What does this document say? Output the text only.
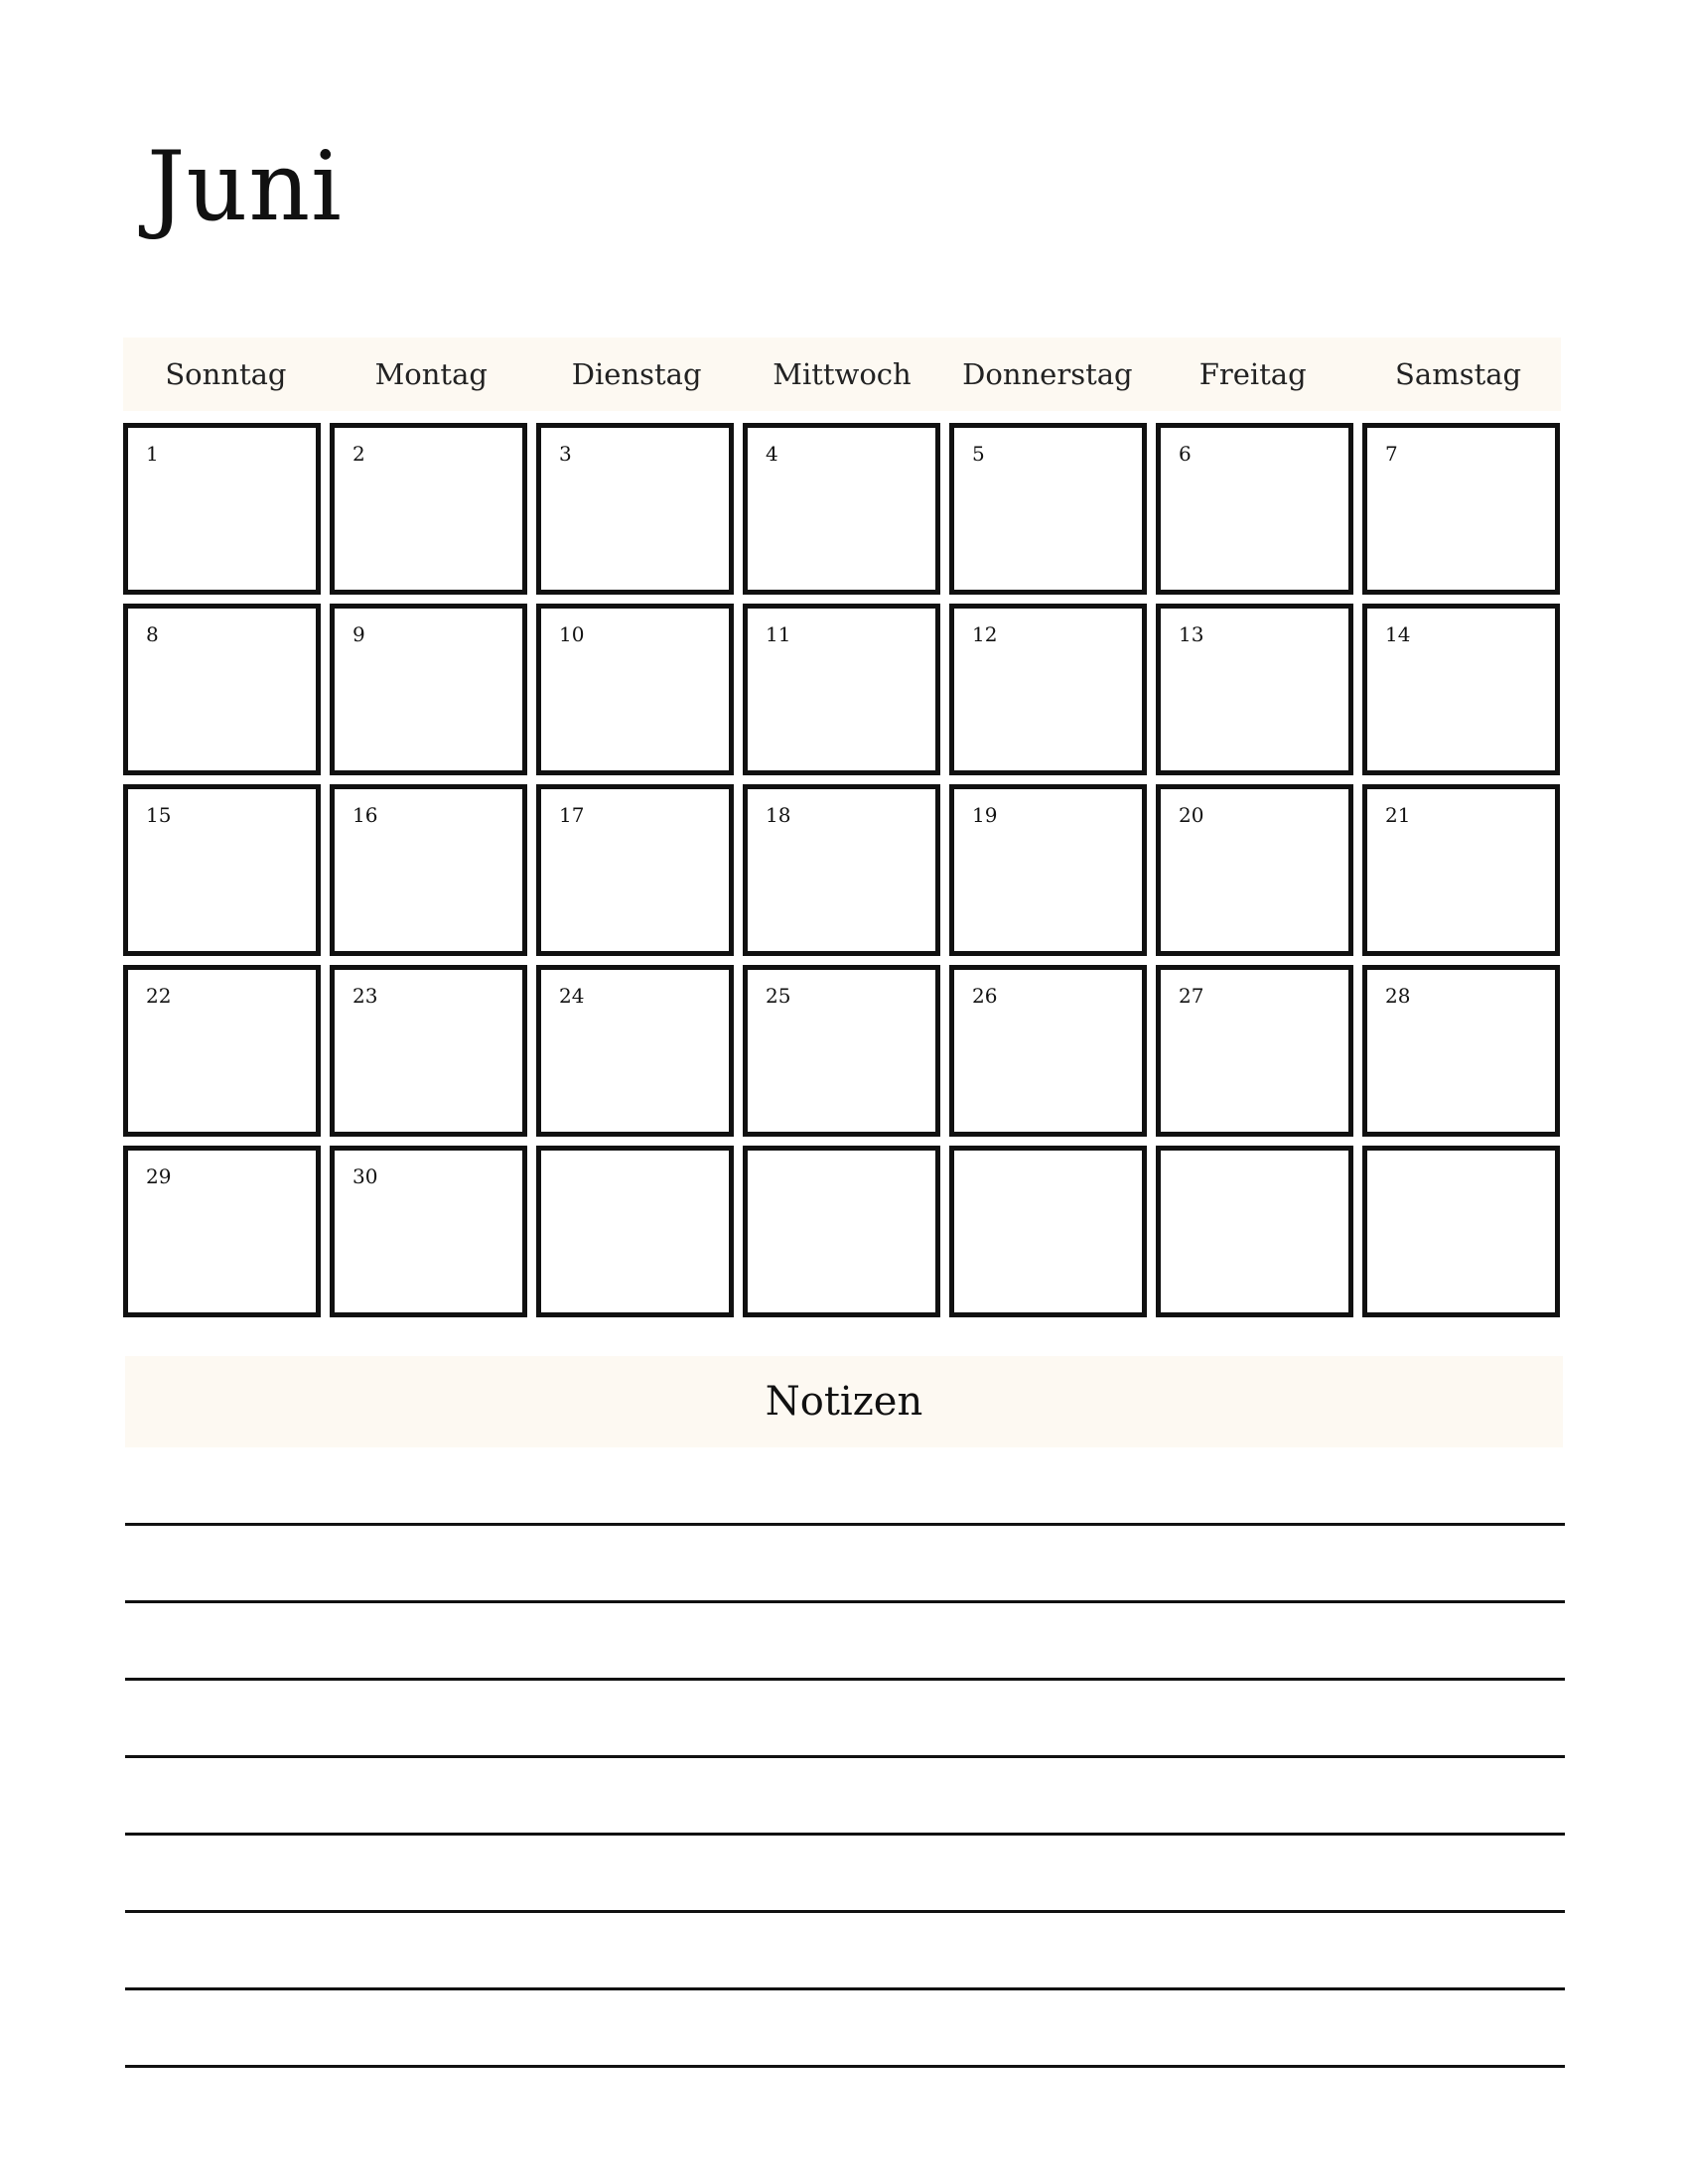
Juni
Sonntag	Montag	Dienstag	Mittwoch	Donnerstag	Freitag	Samstag
1	2	3	4	5	6	7
8	9	10	11	12	13	14
15	16	17	18	19	20	21
22	23	24	25	26	27	28
29	30
Notizen
